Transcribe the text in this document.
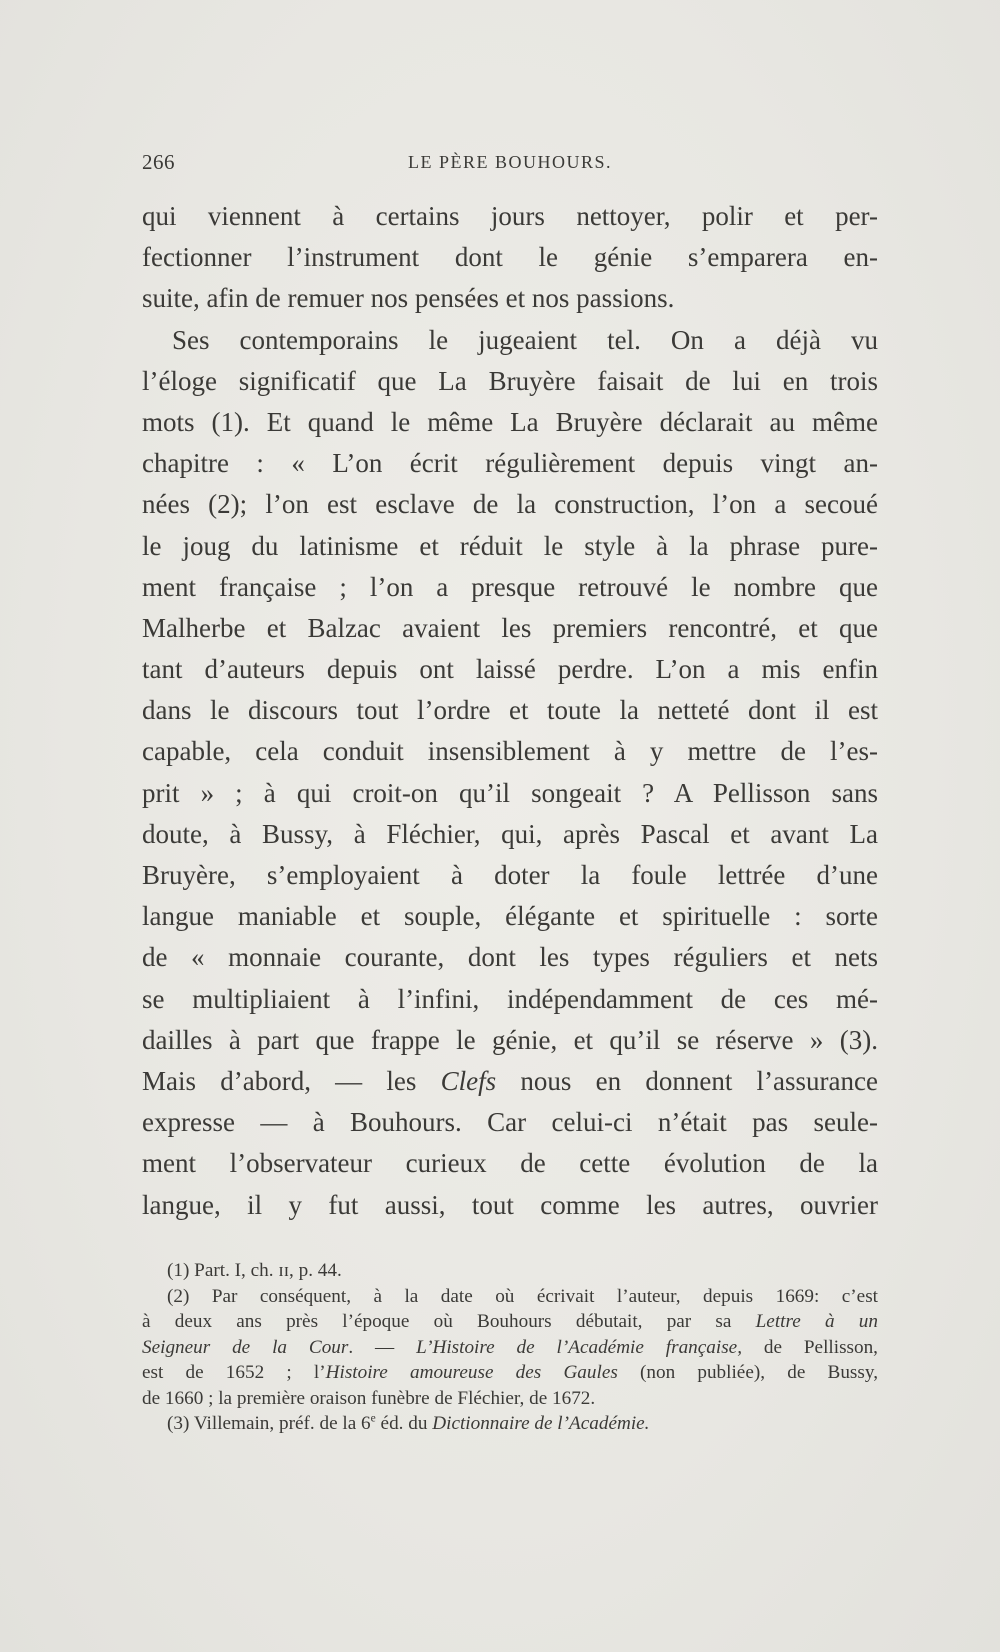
266	LE PÈRE BOUHOURS.
qui viennent à certains jours nettoyer, polir et per-
fectionner l’instrument dont le génie s’emparera en-
suite, afin de remuer nos pensées et nos passions.
Ses contemporains le jugeaient tel. On a déjà vu
l’éloge significatif que La Bruyère faisait de lui en trois
mots (1). Et quand le même La Bruyère déclarait au même
chapitre : « L’on écrit régulièrement depuis vingt an-
nées (2); l’on est esclave de la construction, l’on a secoué
le joug du latinisme et réduit le style à la phrase pure-
ment française ; l’on a presque retrouvé le nombre que
Malherbe et Balzac avaient les premiers rencontré, et que
tant d’auteurs depuis ont laissé perdre. L’on a mis enfin
dans le discours tout l’ordre et toute la netteté dont il est
capable, cela conduit insensiblement à y mettre de l’es-
prit » ; à qui croit-on qu’il songeait ? A Pellisson sans
doute, à Bussy, à Fléchier, qui, après Pascal et avant La
Bruyère, s’employaient à doter la foule lettrée d’une
langue maniable et souple, élégante et spirituelle : sorte
de « monnaie courante, dont les types réguliers et nets
se multipliaient à l’infini, indépendamment de ces mé-
dailles à part que frappe le génie, et qu’il se réserve » (3).
Mais d’abord, — les Clefs nous en donnent l’assurance
expresse — à Bouhours. Car celui-ci n’était pas seule-
ment l’observateur curieux de cette évolution de la
langue, il y fut aussi, tout comme les autres, ouvrier
(1) Part. I, ch. ɪɪ, p. 44.
(2) Par conséquent, à la date où écrivait l’auteur, depuis 1669: c’est
à deux ans près l’époque où Bouhours débutait, par sa Lettre à un
Seigneur de la Cour. — L’Histoire de l’Académie française, de Pellisson,
est de 1652 ; l’Histoire amoureuse des Gaules (non publiée), de Bussy,
de 1660 ; la première oraison funèbre de Fléchier, de 1672.
(3) Villemain, préf. de la 6e éd. du Dictionnaire de l’Académie.
